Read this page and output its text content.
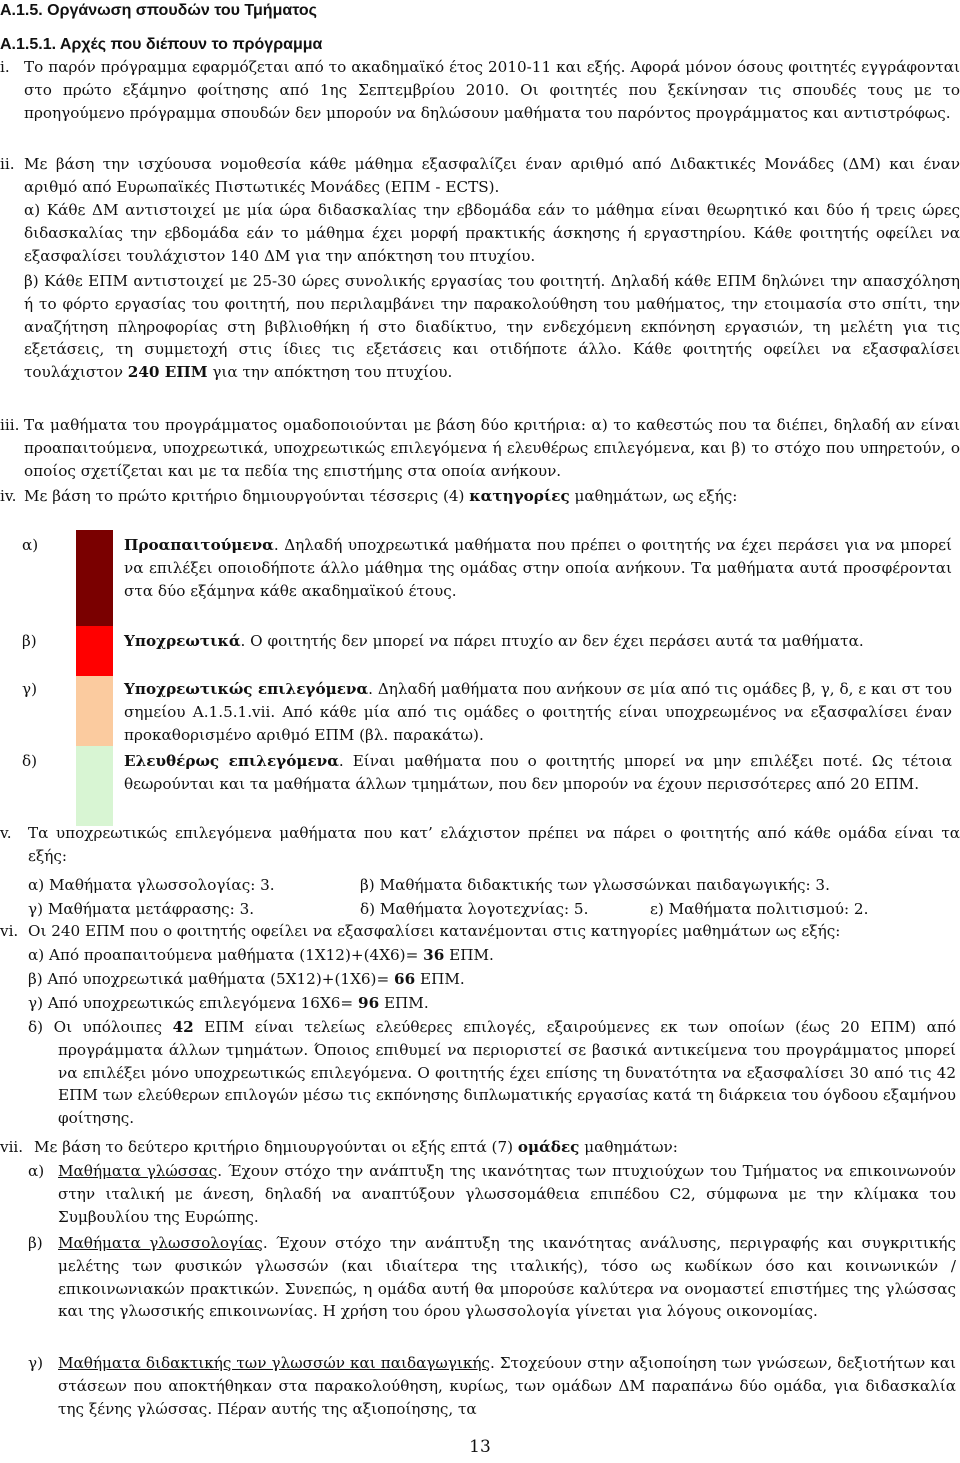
Α.1.5. Οργάνωση σπουδών του Τμήματος
Α.1.5.1. Αρχές που διέπουν το πρόγραμμα
i. Το παρόν πρόγραμμα εφαρμόζεται από το ακαδημαϊκό έτος 2010-11 και εξής. Αφορά μόνον όσους φοιτητές εγγράφονται στο πρώτο εξάμηνο φοίτησης από 1ης Σεπτεμβρίου 2010. Οι φοιτητές που ξεκίνησαν τις σπουδές τους με το προηγούμενο πρόγραμμα σπουδών δεν μπορούν να δηλώσουν μαθήματα του παρόντος προγράμματος και αντιστρόφως.
ii. Με βάση την ισχύουσα νομοθεσία κάθε μάθημα εξασφαλίζει έναν αριθμό από Διδακτικές Μονάδες (ΔΜ) και έναν αριθμό από Ευρωπαϊκές Πιστωτικές Μονάδες (ΕΠΜ - ECTS).
α) Κάθε ΔΜ αντιστοιχεί με μία ώρα διδασκαλίας την εβδομάδα εάν το μάθημα είναι θεωρητικό και δύο ή τρεις ώρες διδασκαλίας την εβδομάδα εάν το μάθημα έχει μορφή πρακτικής άσκησης ή εργαστηρίου. Κάθε φοιτητής οφείλει να εξασφαλίσει τουλάχιστον 140 ΔΜ για την απόκτηση του πτυχίου.
β) Κάθε ΕΠΜ αντιστοιχεί με 25-30 ώρες συνολικής εργασίας του φοιτητή. Δηλαδή κάθε ΕΠΜ δηλώνει την απασχόληση ή το φόρτο εργασίας του φοιτητή, που περιλαμβάνει την παρακολούθηση του μαθήματος, την ετοιμασία στο σπίτι, την αναζήτηση πληροφορίας στη βιβλιοθήκη ή στο διαδίκτυο, την ενδεχόμενη εκπόνηση εργασιών, τη μελέτη για τις εξετάσεις, τη συμμετοχή στις ίδιες τις εξετάσεις και οτιδήποτε άλλο. Κάθε φοιτητής οφείλει να εξασφαλίσει τουλάχιστον 240 ΕΠΜ για την απόκτηση του πτυχίου.
iii. Τα μαθήματα του προγράμματος ομαδοποιούνται με βάση δύο κριτήρια: α) το καθεστώς που τα διέπει, δηλαδή αν είναι προαπαιτούμενα, υποχρεωτικά, υποχρεωτικώς επιλεγόμενα ή ελευθέρως επιλεγόμενα, και β) το στόχο που υπηρετούν, ο οποίος σχετίζεται και με τα πεδία της επιστήμης στα οποία ανήκουν.
iv. Με βάση το πρώτο κριτήριο δημιουργούνται τέσσερις (4) κατηγορίες μαθημάτων, ως εξής:
α)	Προαπαιτούμενα. Δηλαδή υποχρεωτικά μαθήματα που πρέπει ο φοιτητής να έχει περάσει για να μπορεί να επιλέξει οποιοδήποτε άλλο μάθημα της ομάδας στην οποία ανήκουν. Τα μαθήματα αυτά προσφέρονται στα δύο εξάμηνα κάθε ακαδημαϊκού έτους.
β)	Υποχρεωτικά. Ο φοιτητής δεν μπορεί να πάρει πτυχίο αν δεν έχει περάσει αυτά τα μαθήματα.
γ)	Υποχρεωτικώς επιλεγόμενα. Δηλαδή μαθήματα που ανήκουν σε μία από τις ομάδες β, γ, δ, ε και στ του σημείου Α.1.5.1.vii. Από κάθε μία από τις ομάδες ο φοιτητής είναι υποχρεωμένος να εξασφαλίσει έναν προκαθορισμένο αριθμό ΕΠΜ (βλ. παρακάτω).
δ)	Ελευθέρως επιλεγόμενα. Είναι μαθήματα που ο φοιτητής μπορεί να μην επιλέξει ποτέ. Ως τέτοια θεωρούνται και τα μαθήματα άλλων τμημάτων, που δεν μπορούν να έχουν περισσότερες από 20 ΕΠΜ.
v. Τα υποχρεωτικώς επιλεγόμενα μαθήματα που κατ’ ελάχιστον πρέπει να πάρει ο φοιτητής από κάθε ομάδα είναι τα εξής:
α) Μαθήματα γλωσσολογίας: 3.	β) Μαθήματα διδακτικής των γλωσσώνκαι παιδαγωγικής: 3.
γ) Μαθήματα μετάφρασης: 3.	δ) Μαθήματα λογοτεχνίας: 5.	ε) Μαθήματα πολιτισμού: 2.
vi. Οι 240 ΕΠΜ που ο φοιτητής οφείλει να εξασφαλίσει κατανέμονται στις κατηγορίες μαθημάτων ως εξής:
α) Από προαπαιτούμενα μαθήματα (1Χ12)+(4Χ6)= 36 ΕΠΜ.
β) Από υποχρεωτικά μαθήματα (5Χ12)+(1Χ6)= 66 ΕΠΜ.
γ) Από υποχρεωτικώς επιλεγόμενα 16Χ6= 96 ΕΠΜ.
δ) Οι υπόλοιπες 42 ΕΠΜ είναι τελείως ελεύθερες επιλογές, εξαιρούμενες εκ των οποίων (έως 20 ΕΠΜ) από προγράμματα άλλων τμημάτων. Όποιος επιθυμεί να περιοριστεί σε βασικά αντικείμενα του προγράμματος μπορεί να επιλέξει μόνο υποχρεωτικώς επιλεγόμενα. Ο φοιτητής έχει επίσης τη δυνατότητα να εξασφαλίσει 30 από τις 42 ΕΠΜ των ελεύθερων επιλογών μέσω τις εκπόνησης διπλωματικής εργασίας κατά τη διάρκεια του όγδοου εξαμήνου φοίτησης.
vii. Με βάση το δεύτερο κριτήριο δημιουργούνται οι εξής επτά (7) ομάδες μαθημάτων:
α) Μαθήματα γλώσσας. Έχουν στόχο την ανάπτυξη της ικανότητας των πτυχιούχων του Τμήματος να επικοινωνούν στην ιταλική με άνεση, δηλαδή να αναπτύξουν γλωσσομάθεια επιπέδου C2, σύμφωνα με την κλίμακα του Συμβουλίου της Ευρώπης.
β) Μαθήματα γλωσσολογίας. Έχουν στόχο την ανάπτυξη της ικανότητας ανάλυσης, περιγραφής και συγκριτικής μελέτης των φυσικών γλωσσών (και ιδιαίτερα της ιταλικής), τόσο ως κωδίκων όσο και κοινωνικών / επικοινωνιακών πρακτικών. Συνεπώς, η ομάδα αυτή θα μπορούσε καλύτερα να ονομαστεί επιστήμες της γλώσσας και της γλωσσικής επικοινωνίας. Η χρήση του όρου γλωσσολογία γίνεται για λόγους οικονομίας.
γ) Μαθήματα διδακτικής των γλωσσών και παιδαγωγικής. Στοχεύουν στην αξιοποίηση των γνώσεων, δεξιοτήτων και στάσεων που αποκτήθηκαν στα παρακολούθηση, κυρίως, των ομάδων ΔΜ παραπάνω δύο ομάδα, για διδασκαλία της ξένης γλώσσας. Πέραν αυτής της αξιοποίησης, τα
13
